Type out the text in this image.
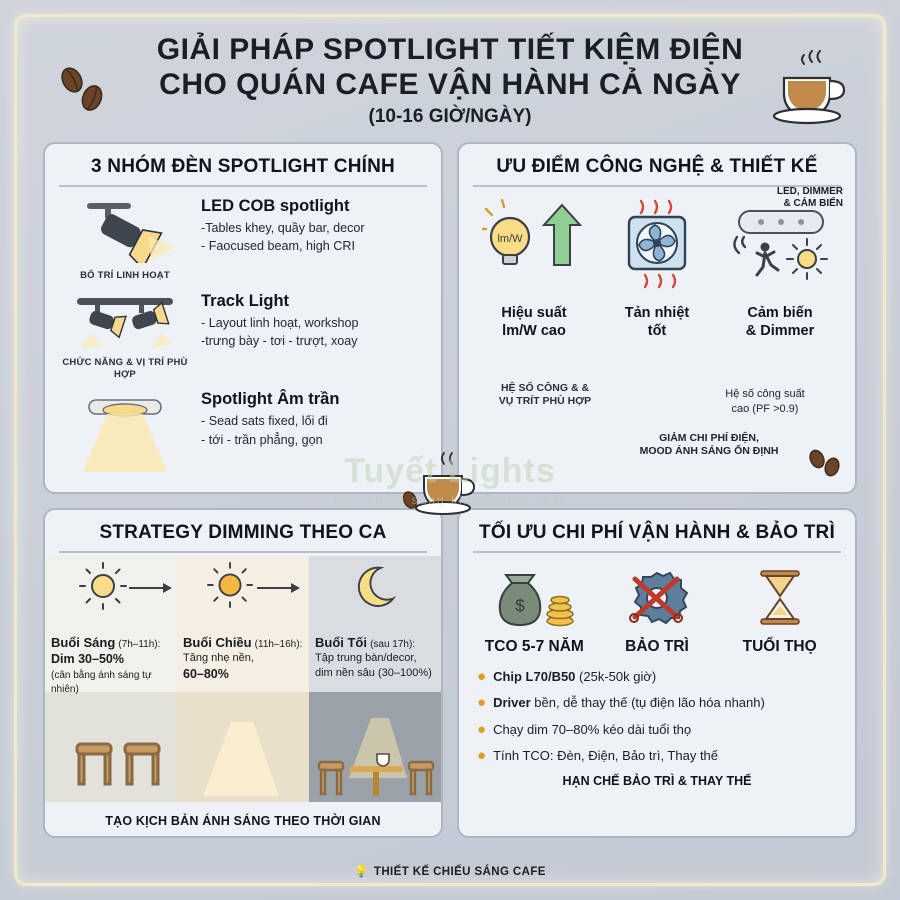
GIẢI PHÁP SPOTLIGHT TIẾT KIỆM ĐIỆN
CHO QUÁN CAFE VẬN HÀNH CẢ NGÀY
(10-16 GIỜ/NGÀY)
3 NHÓM ĐÈN SPOTLIGHT CHÍNH
BỐ TRÍ LINH HOẠT
LED COB spotlight

-Tables khey, quầy bar, decor

- Faocused beam, high CRI

CHỨC NĂNG & VỊ TRÍ PHÙ HỢP
Track Light

- Layout linh hoạt, workshop

-trưng bày - tơi - trượt, xoay

Spotlight Âm trần

- Sead sats fixed, lối đi

- tới - trần phẳng, gọn

ƯU ĐIỂM CÔNG NGHỆ & THIẾT KẾ
LED, DIMMER
& CẢM BIẾN
lm/W
Hiệu suất
lm/W cao
Tản nhiệt
tốt
Cảm biến
& Dimmer
HỆ SỐ CÔNG & &
VỤ TRÍT PHÙ HỢP
Hệ số công suất
cao (PF >0.9)
GIẢM CHI PHÍ ĐIỆN,
MOOD ÁNH SÁNG ỔN ĐỊNH
STRATEGY DIMMING THEO CA
Buổi Sáng (7h–11h):
Dim 30–50%
(cân bằng ánh sáng tự nhiên)
Buổi Chiều (11h–16h):
Tăng nhẹ nền,
60–80%
Buổi Tối (sau 17h):
Tập trung bàn/decor,
dim nền sâu (30–100%)
TẠO KỊCH BẢN ÁNH SÁNG THEO THỜI GIAN
TỐI ƯU CHI PHÍ VẬN HÀNH & BẢO TRÌ
$
TCO 5-7 NĂM	BẢO TRÌ	TUỔI THỌ
● Chip L70/B50 (25k-50k giờ)
● Driver bền, dễ thay thế (tụ điện lão hóa nhanh)
● Chạy dim 70–80% kéo dài tuổi thọ
● Tính TCO: Đèn, Điện, Bảo trì, Thay thế
HẠN CHẾ BẢO TRÌ & THAY THẾ
Tuyết Lights
Đèn chiếu sáng không gian chất
💡 THIẾT KẾ CHIẾU SÁNG CAFE
